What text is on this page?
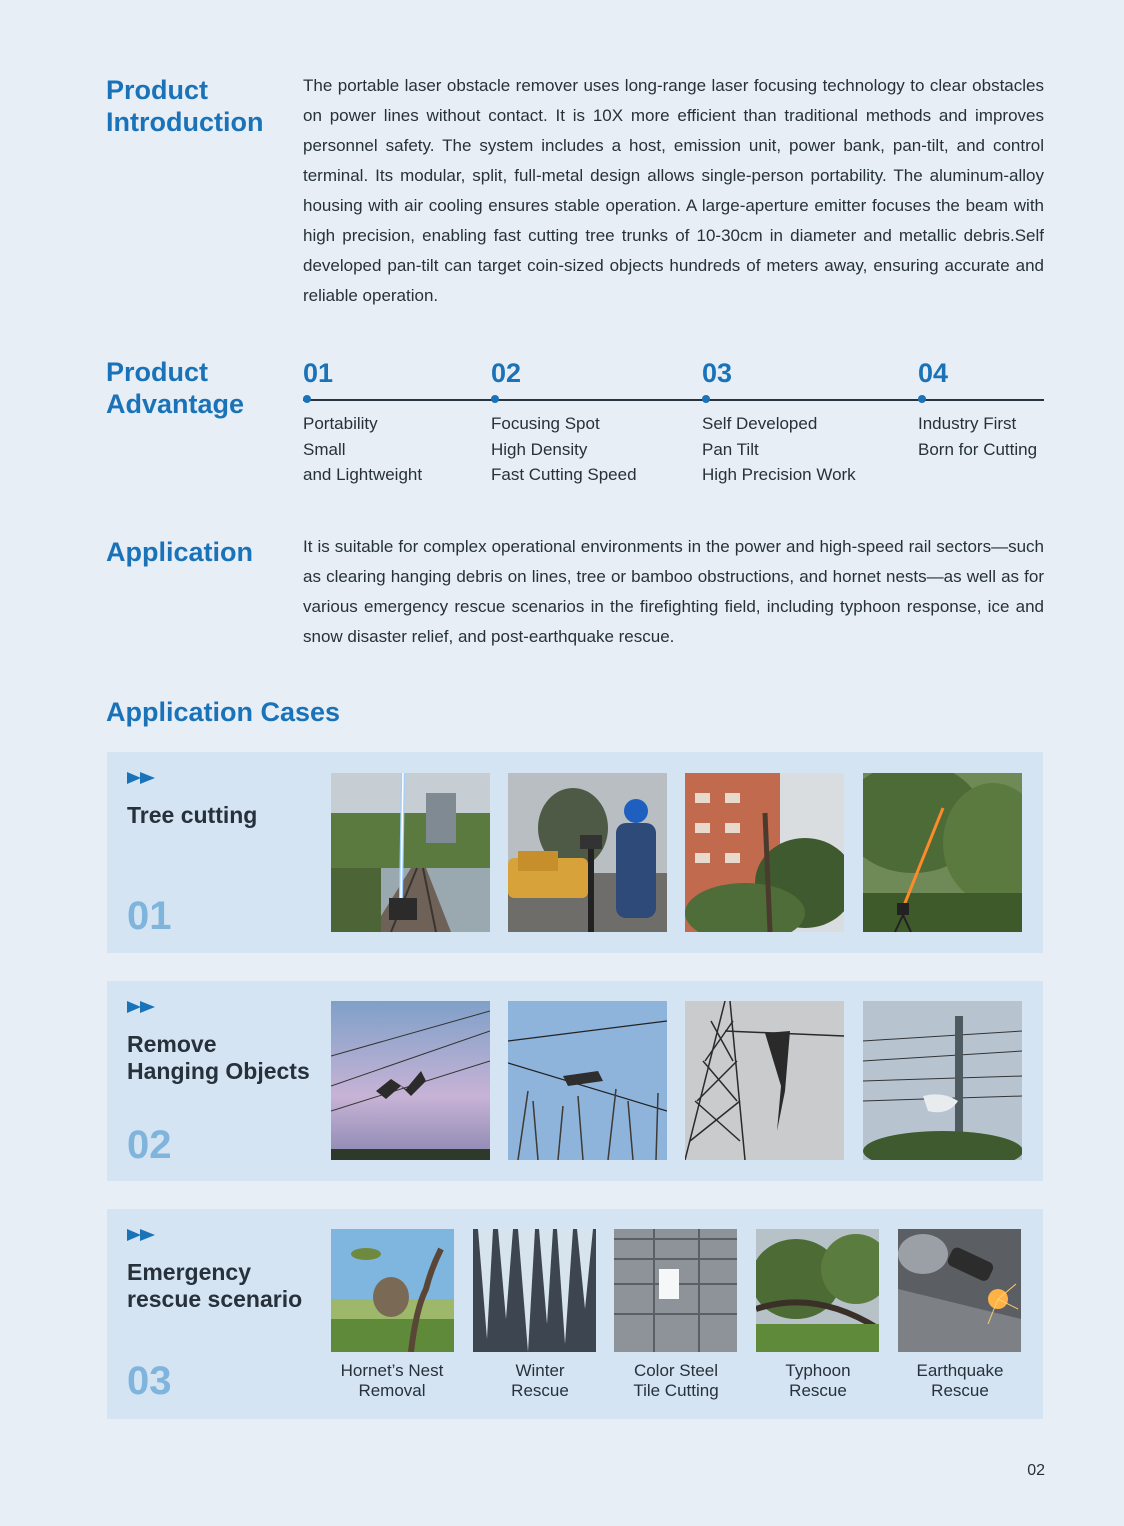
Product
Introduction

The portable laser obstacle remover uses long-range laser focusing technology to clear obstacles on power lines without contact. It is 10X more efficient than traditional methods and improves personnel safety. The system includes a host, emission unit, power bank, pan-tilt, and control terminal. Its modular, split, full-metal design allows single-person portability. The aluminum-alloy housing with air cooling ensures stable operation. A large-aperture emitter focuses the beam with high precision, enabling fast cutting tree trunks of 10-30cm in diameter and metallic debris.Self developed pan-tilt can target coin-sized objects hundreds of meters away, ensuring accurate and reliable operation.

Product
Advantage
01
Portability
Small
and Lightweight
02
Focusing Spot
High Density
Fast Cutting Speed
03
Self Developed
Pan Tilt
High Precision Work
04
Industry First
Born for Cutting
Application	It is suitable for complex operational environments in the power and high-speed rail sectors—such as clearing hanging debris on lines, tree or bamboo obstructions, and hornet nests—as well as for various emergency rescue scenarios in the firefighting field, including typhoon response, ice and snow disaster relief, and post-earthquake rescue.

Application Cases
Tree cutting
01
Remove
Hanging Objects
02
Emergency
rescue scenario
03	Hornet’s Nest
Removal
Winter
Rescue
Color Steel
Tile Cutting
Typhoon
Rescue
Earthquake
Rescue
02
